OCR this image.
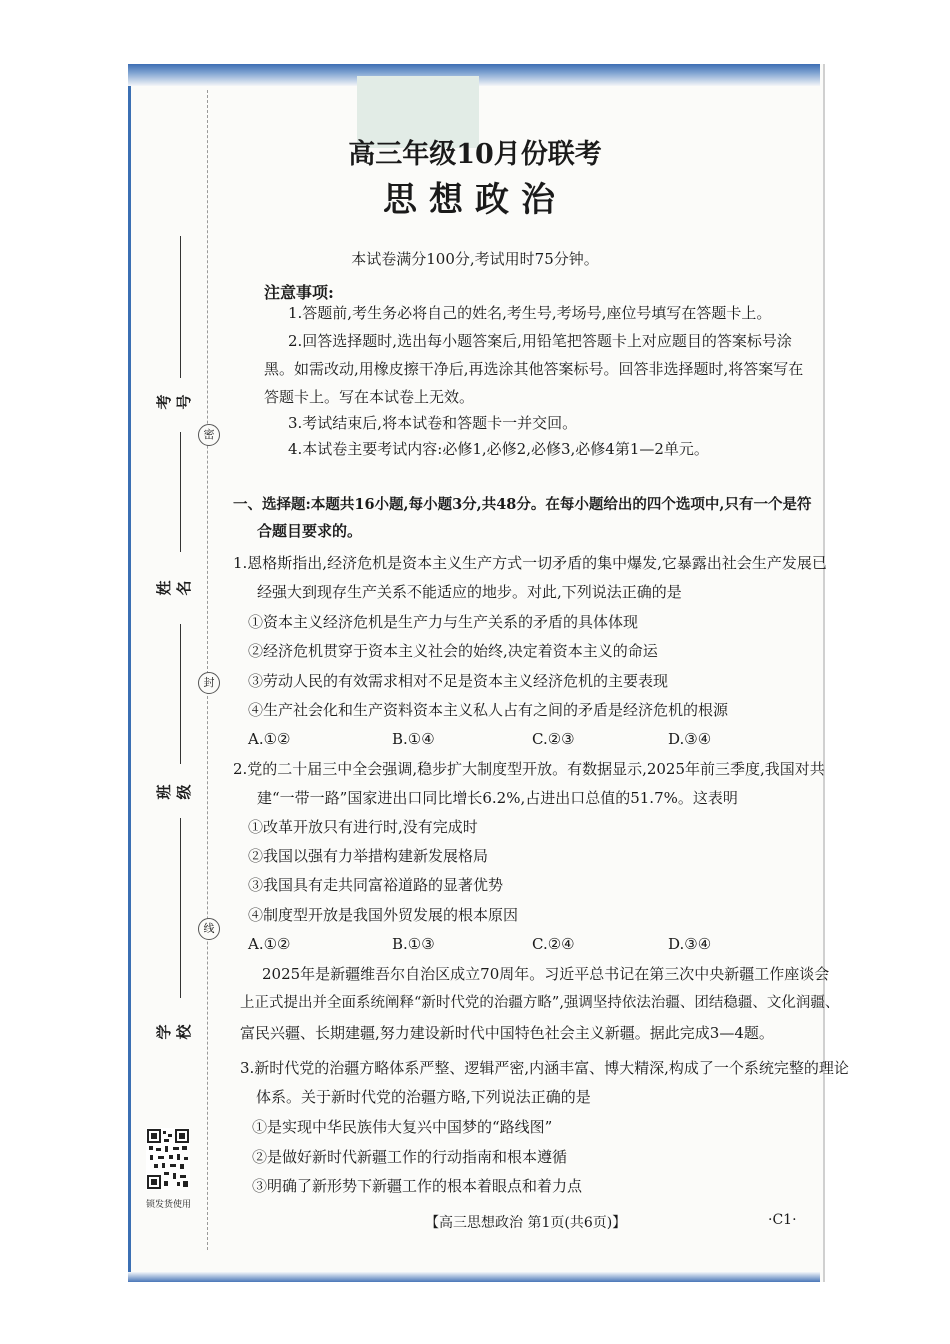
密
封
线
考号
姓名
班级
学校
锁发货使用
高三年级10月份联考
思想政治
本试卷满分100分,考试用时75分钟。
注意事项:
1.答题前,考生务必将自己的姓名,考生号,考场号,座位号填写在答题卡上。
2.回答选择题时,选出每小题答案后,用铅笔把答题卡上对应题目的答案标号涂
黑。如需改动,用橡皮擦干净后,再选涂其他答案标号。回答非选择题时,将答案写在
答题卡上。写在本试卷上无效。
3.考试结束后,将本试卷和答题卡一并交回。
4.本试卷主要考试内容:必修1,必修2,必修3,必修4第1—2单元。
一、选择题:本题共16小题,每小题3分,共48分。在每小题给出的四个选项中,只有一个是符
合题目要求的。
1.恩格斯指出,经济危机是资本主义生产方式一切矛盾的集中爆发,它暴露出社会生产发展已
经强大到现存生产关系不能适应的地步。对此,下列说法正确的是
①资本主义经济危机是生产力与生产关系的矛盾的具体体现
②经济危机贯穿于资本主义社会的始终,决定着资本主义的命运
③劳动人民的有效需求相对不足是资本主义经济危机的主要表现
④生产社会化和生产资料资本主义私人占有之间的矛盾是经济危机的根源
A.①②	B.①④	C.②③	D.③④
2.党的二十届三中全会强调,稳步扩大制度型开放。有数据显示,2025年前三季度,我国对共
建“一带一路”国家进出口同比增长6.2%,占进出口总值的51.7%。这表明
①改革开放只有进行时,没有完成时
②我国以强有力举措构建新发展格局
③我国具有走共同富裕道路的显著优势
④制度型开放是我国外贸发展的根本原因
A.①②	B.①③	C.②④	D.③④
2025年是新疆维吾尔自治区成立70周年。习近平总书记在第三次中央新疆工作座谈会
上正式提出并全面系统阐释“新时代党的治疆方略”,强调坚持依法治疆、团结稳疆、文化润疆、
富民兴疆、长期建疆,努力建设新时代中国特色社会主义新疆。据此完成3—4题。
3.新时代党的治疆方略体系严整、逻辑严密,内涵丰富、博大精深,构成了一个系统完整的理论
体系。关于新时代党的治疆方略,下列说法正确的是
①是实现中华民族伟大复兴中国梦的“路线图”
②是做好新时代新疆工作的行动指南和根本遵循
③明确了新形势下新疆工作的根本着眼点和着力点
【高三思想政治 第1页(共6页)】	·C1·
